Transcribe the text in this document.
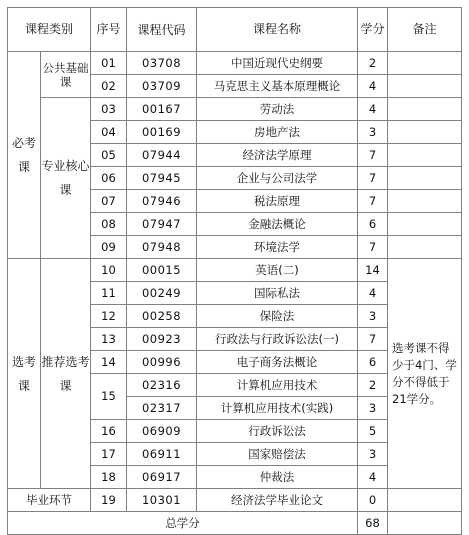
课程类别		序号	课程代码	课程名称	学分	备注
必考课	公共基础课	01	03708	中国近现代史纲要	2	
		02	03709	马克思主义基本原理概论	4	
	专业核心课	03	00167	劳动法	4	
		04	00169	房地产法	3	
		05	07944	经济法学原理	7	
		06	07945	企业与公司法学	7	
		07	07946	税法原理	7	
		08	07947	金融法概论	6	
		09	07948	环境法学	7	
选考课	推荐选考课	10	00015	英语(二)	14	选考课不得少于4门、学分不得低于21学分。
		11	00249	国际私法	4	
		12	00258	保险法	3	
		13	00923	行政法与行政诉讼法(一)	7	
		14	00996	电子商务法概论	6	
		15	02316	计算机应用技术	2	
			02317	计算机应用技术(实践)	3	
		16	06909	行政诉讼法	5	
		17	06911	国家赔偿法	3	
		18	06917	仲裁法	4	
毕业环节		19	10301	经济法学毕业论文	0	
总学分					68	
